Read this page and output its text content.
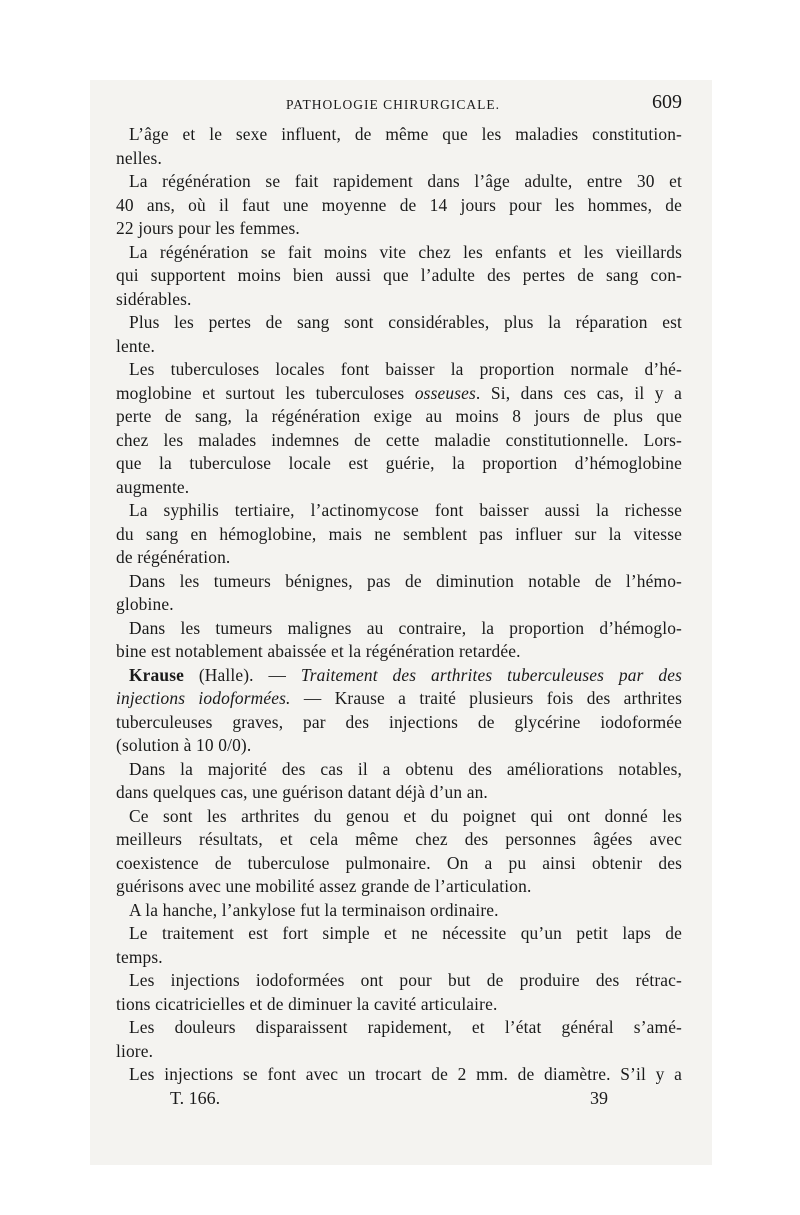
PATHOLOGIE CHIRURGICALE.	609
L’âge et le sexe influent, de même que les maladies constitution-
nelles.
La régénération se fait rapidement dans l’âge adulte, entre 30 et
40 ans, où il faut une moyenne de 14 jours pour les hommes, de
22 jours pour les femmes.
La régénération se fait moins vite chez les enfants et les vieillards
qui supportent moins bien aussi que l’adulte des pertes de sang con-
sidérables.
Plus les pertes de sang sont considérables, plus la réparation est
lente.
Les tuberculoses locales font baisser la proportion normale d’hé-
moglobine et surtout les tuberculoses osseuses. Si, dans ces cas, il y a
perte de sang, la régénération exige au moins 8 jours de plus que
chez les malades indemnes de cette maladie constitutionnelle. Lors-
que la tuberculose locale est guérie, la proportion d’hémoglobine
augmente.
La syphilis tertiaire, l’actinomycose font baisser aussi la richesse
du sang en hémoglobine, mais ne semblent pas influer sur la vitesse
de régénération.
Dans les tumeurs bénignes, pas de diminution notable de l’hémo-
globine.
Dans les tumeurs malignes au contraire, la proportion d’hémoglo-
bine est notablement abaissée et la régénération retardée.
Krause (Halle). — Traitement des arthrites tuberculeuses par des
injections iodoformées. — Krause a traité plusieurs fois des arthrites
tuberculeuses graves, par des injections de glycérine iodoformée
(solution à 10 0/0).
Dans la majorité des cas il a obtenu des améliorations notables,
dans quelques cas, une guérison datant déjà d’un an.
Ce sont les arthrites du genou et du poignet qui ont donné les
meilleurs résultats, et cela même chez des personnes âgées avec
coexistence de tuberculose pulmonaire. On a pu ainsi obtenir des
guérisons avec une mobilité assez grande de l’articulation.
A la hanche, l’ankylose fut la terminaison ordinaire.
Le traitement est fort simple et ne nécessite qu’un petit laps de
temps.
Les injections iodoformées ont pour but de produire des rétrac-
tions cicatricielles et de diminuer la cavité articulaire.
Les douleurs disparaissent rapidement, et l’état général s’amé-
liore.
Les injections se font avec un trocart de 2 mm. de diamètre. S’il y a
T. 166.	39
